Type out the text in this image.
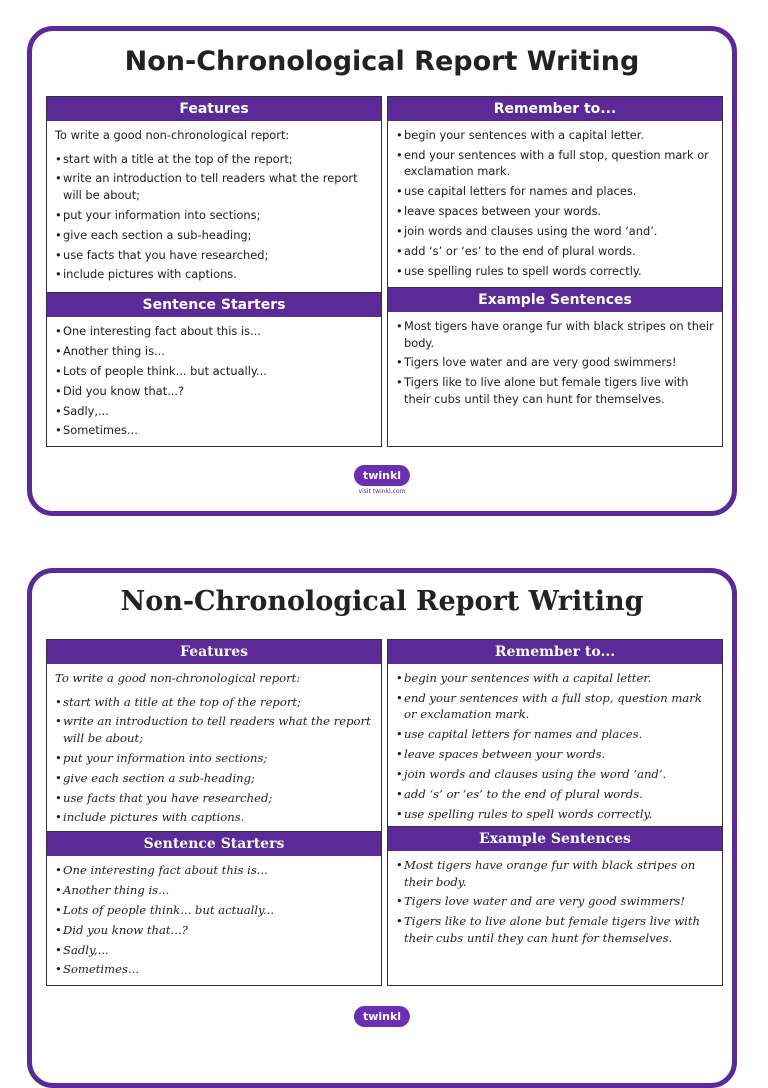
Non-Chronological Report Writing
Features

To write a good non-chronological report:

• start with a title at the top of the report;
• write an introduction to tell readers what the report will be about;
• put your information into sections;
• give each section a sub-heading;
• use facts that you have researched;
• include pictures with captions.
Remember to...
• begin your sentences with a capital letter.
• end your sentences with a full stop, question mark or exclamation mark.
• use capital letters for names and places.
• leave spaces between your words.
• join words and clauses using the word ‘and’.
• add ‘s’ or ‘es’ to the end of plural words.
• use spelling rules to spell words correctly.
Sentence Starters
• One interesting fact about this is...
• Another thing is...
• Lots of people think... but actually...
• Did you know that...?
• Sadly,...
• Sometimes...
Example Sentences
• Most tigers have orange fur with black stripes on their body.
• Tigers love water and are very good swimmers!
• Tigers like to live alone but female tigers live with their cubs until they can hunt for themselves.
twinkl
visit twinkl.com
Non-Chronological Report Writing
Features

To write a good non-chronological report:

• start with a title at the top of the report;
• write an introduction to tell readers what the report will be about;
• put your information into sections;
• give each section a sub-heading;
• use facts that you have researched;
• include pictures with captions.
Remember to...
• begin your sentences with a capital letter.
• end your sentences with a full stop, question mark or exclamation mark.
• use capital letters for names and places.
• leave spaces between your words.
• join words and clauses using the word ‘and’.
• add ‘s’ or ‘es’ to the end of plural words.
• use spelling rules to spell words correctly.
Sentence Starters
• One interesting fact about this is...
• Another thing is...
• Lots of people think... but actually...
• Did you know that...?
• Sadly,...
• Sometimes...
Example Sentences
• Most tigers have orange fur with black stripes on their body.
• Tigers love water and are very good swimmers!
• Tigers like to live alone but female tigers live with their cubs until they can hunt for themselves.
twinkl
